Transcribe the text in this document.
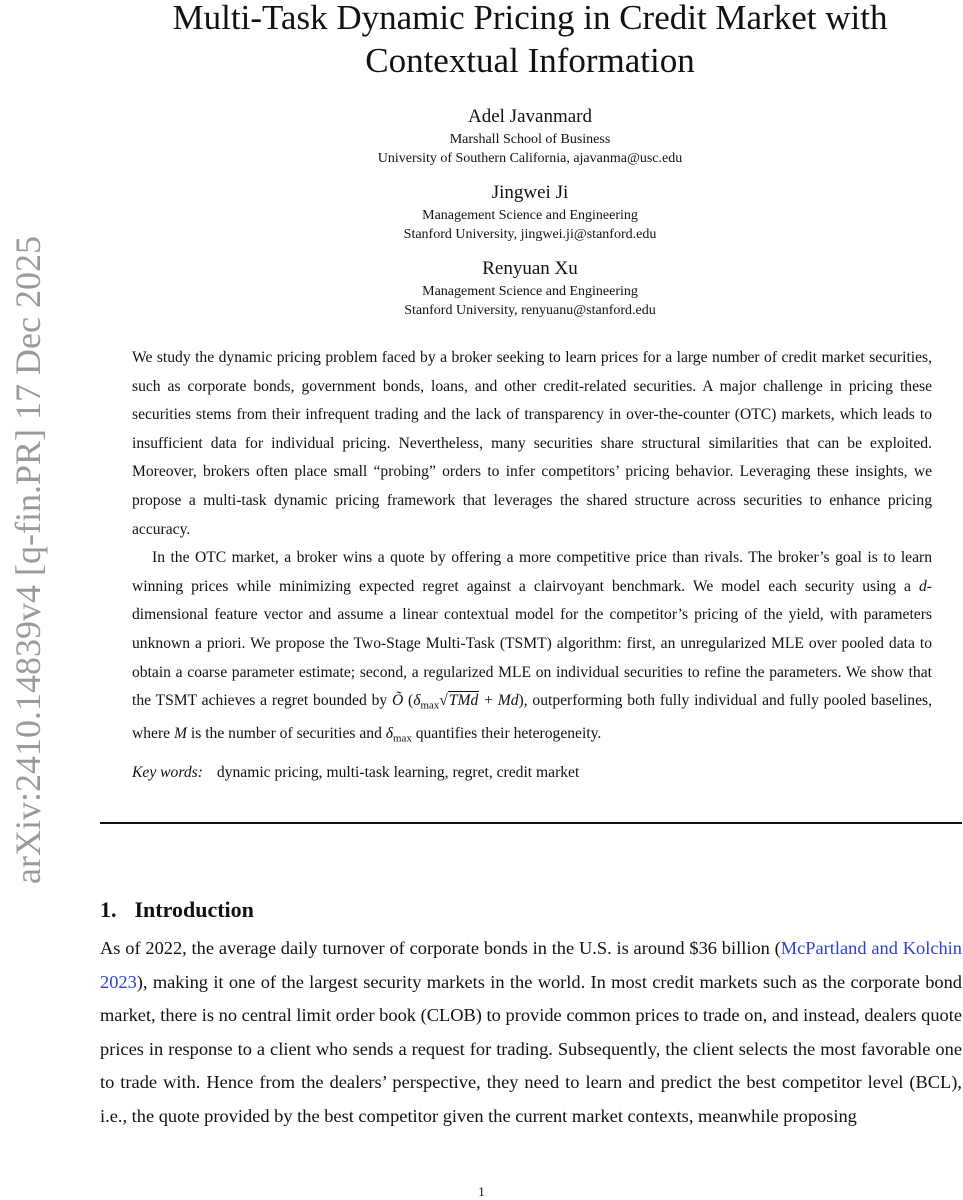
arXiv:2410.14839v4 [q-fin.PR] 17 Dec 2025
Multi-Task Dynamic Pricing in Credit Market with
Contextual Information
Adel Javanmard
Marshall School of Business
University of Southern California, ajavanma@usc.edu
Jingwei Ji
Management Science and Engineering
Stanford University, jingwei.ji@stanford.edu
Renyuan Xu
Management Science and Engineering
Stanford University, renyuanu@stanford.edu

We study the dynamic pricing problem faced by a broker seeking to learn prices for a large number of credit market securities, such as corporate bonds, government bonds, loans, and other credit-related securities. A major challenge in pricing these securities stems from their infrequent trading and the lack of transparency in over-the-counter (OTC) markets, which leads to insufficient data for individual pricing. Nevertheless, many securities share structural similarities that can be exploited. Moreover, brokers often place small “probing” orders to infer competitors’ pricing behavior. Leveraging these insights, we propose a multi-task dynamic pricing framework that leverages the shared structure across securities to enhance pricing accuracy.

In the OTC market, a broker wins a quote by offering a more competitive price than rivals. The broker’s goal is to learn winning prices while minimizing expected regret against a clairvoyant benchmark. We model each security using a d-dimensional feature vector and assume a linear contextual model for the competitor’s pricing of the yield, with parameters unknown a priori. We propose the Two-Stage Multi-Task (TSMT) algorithm: first, an unregularized MLE over pooled data to obtain a coarse parameter estimate; second, a regularized MLE on individual securities to refine the parameters. We show that the TSMT achieves a regret bounded by Õ $(\delta_{max}√TMd + Md)$, outperforming both fully individual and fully pooled baselines, where M is the number of securities and $\delta_{max}$ quantifies their heterogeneity.

Key words: dynamic pricing, multi-task learning, regret, credit market
1. Introduction

As of 2022, the average daily turnover of corporate bonds in the U.S. is around $36 billion (McPartland and Kolchin 2023), making it one of the largest security markets in the world. In most credit markets such as the corporate bond market, there is no central limit order book (CLOB) to provide common prices to trade on, and instead, dealers quote prices in response to a client who sends a request for trading. Subsequently, the client selects the most favorable one to trade with. Hence from the dealers’ perspective, they need to learn and predict the best competitor level (BCL), i.e., the quote provided by the best competitor given the current market contexts, meanwhile proposing

1
